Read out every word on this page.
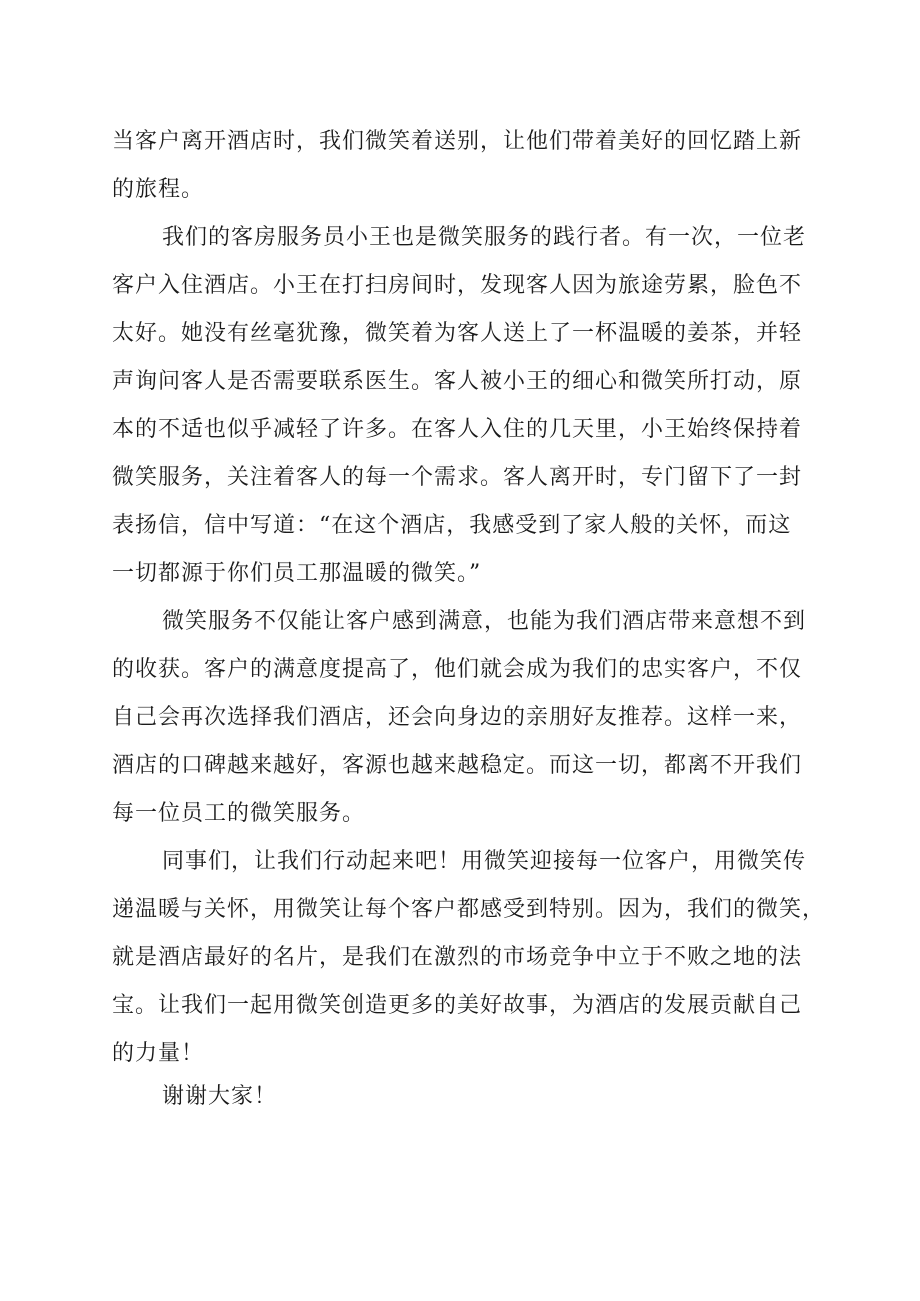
当客户离开酒店时，我们微笑着送别，让他们带着美好的回忆踏上新
的旅程。

我们的客房服务员小王也是微笑服务的践行者。有一次，一位老
客户入住酒店。小王在打扫房间时，发现客人因为旅途劳累，脸色不
太好。她没有丝毫犹豫，微笑着为客人送上了一杯温暖的姜茶，并轻
声询问客人是否需要联系医生。客人被小王的细心和微笑所打动，原
本的不适也似乎减轻了许多。在客人入住的几天里，小王始终保持着
微笑服务，关注着客人的每一个需求。客人离开时，专门留下了一封
表扬信，信中写道：“在这个酒店，我感受到了家人般的关怀，而这
一切都源于你们员工那温暖的微笑。”

微笑服务不仅能让客户感到满意，也能为我们酒店带来意想不到
的收获。客户的满意度提高了，他们就会成为我们的忠实客户，不仅
自己会再次选择我们酒店，还会向身边的亲朋好友推荐。这样一来，
酒店的口碑越来越好，客源也越来越稳定。而这一切，都离不开我们
每一位员工的微笑服务。

同事们，让我们行动起来吧！用微笑迎接每一位客户，用微笑传
递温暖与关怀，用微笑让每个客户都感受到特别。因为，我们的微笑，
就是酒店最好的名片，是我们在激烈的市场竞争中立于不败之地的法
宝。让我们一起用微笑创造更多的美好故事，为酒店的发展贡献自己
的力量！

谢谢大家！
